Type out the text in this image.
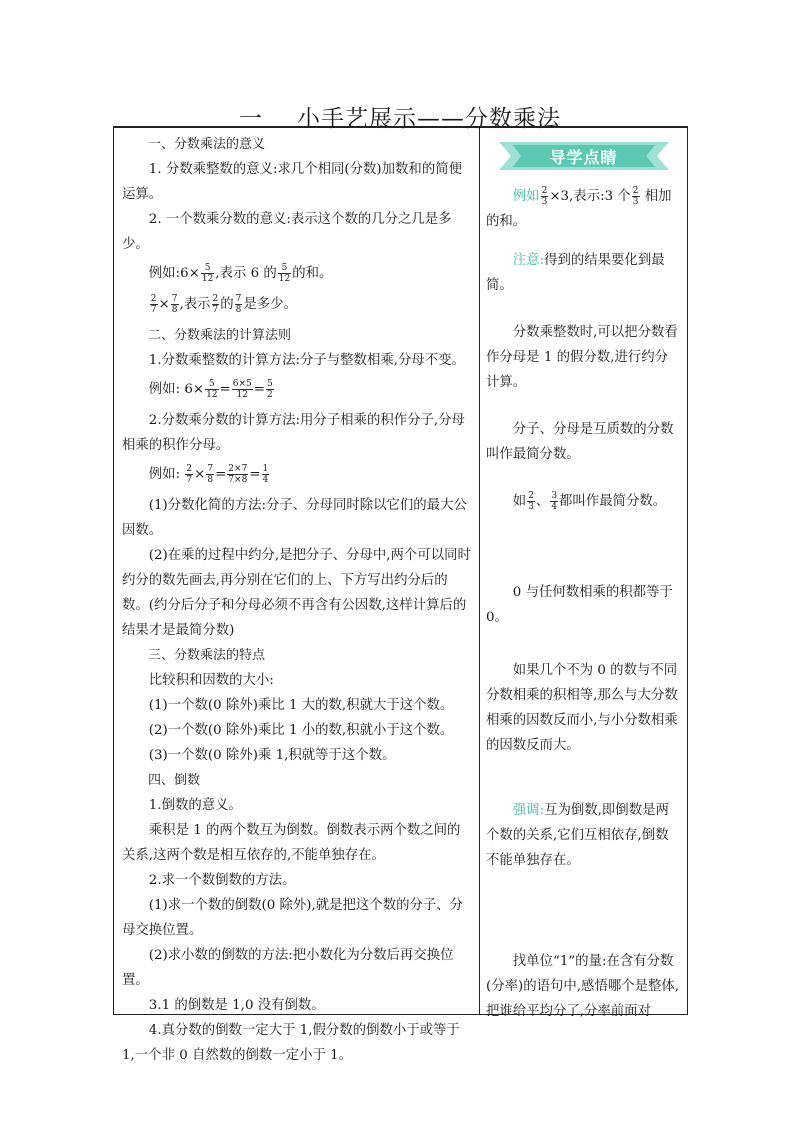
一 小手艺展示——分数乘法

一、分数乘法的意义

1. 分数乘整数的意义:求几个相同(分数)加数和的简便运算。

2. 一个数乘分数的意义:表示这个数的几分之几是多少。

例如:6× $\frac{5}{12}$ ,表示 6 的 $\frac{5}{12}$ 的和。

$\frac{2}{7} \times \frac{7}{8}$ ,表示 $\frac{2}{7}$ 的 $\frac{7}{8}$ 是多少。

二、分数乘法的计算法则

1.分数乘整数的计算方法:分子与整数相乘,分母不变。

例如: $6\times \frac{5}{12} = \frac{6\times 5}{12} = \frac{5}{2}$

2.分数乘分数的计算方法:用分子相乘的积作分子,分母相乘的积作分母。

例如: $\frac{2}{7} \times \frac{7}{8} = \frac{2\times 7}{7\times 8} = \frac{1}{4}$

(1)分数化简的方法:分子、分母同时除以它们的最大公因数。

(2)在乘的过程中约分,是把分子、分母中,两个可以同时约分的数先画去,再分别在它们的上、下方写出约分后的数。(约分后分子和分母必须不再含有公因数,这样计算后的结果才是最简分数)

三、分数乘法的特点

比较积和因数的大小:

(1)一个数(0 除外)乘比 1 大的数,积就大于这个数。

(2)一个数(0 除外)乘比 1 小的数,积就小于这个数。

(3)一个数(0 除外)乘 1,积就等于这个数。

四、倒数

1.倒数的意义。

乘积是 1 的两个数互为倒数。倒数表示两个数之间的关系,这两个数是相互依存的,不能单独存在。

2.求一个数倒数的方法。

(1)求一个数的倒数(0 除外),就是把这个数的分子、分母交换位置。

(2)求小数的倒数的方法:把小数化为分数后再交换位置。

3.1 的倒数是 1,0 没有倒数。

4.真分数的倒数一定大于 1,假分数的倒数小于或等于 1,一个非 0 自然数的倒数一定小于 1。

导学点睛

例如 $\frac{2}{3} \times 3$,表示:3 个 $\frac{2}{3}$ 相加的和。

注意:得到的结果要化到最简。

分数乘整数时,可以把分数看作分母是 1 的假分数,进行约分计算。

分子、分母是互质数的分数叫作最简分数。

如 $\frac{2}{3}$ 、 $\frac{3}{4}$ 都叫作最简分数。

0 与任何数相乘的积都等于 0。

如果几个不为 0 的数与不同分数相乘的积相等,那么与大分数相乘的因数反而小,与小分数相乘的因数反而大。

强调:互为倒数,即倒数是两个数的关系,它们互相依存,倒数不能单独存在。

找单位“1”的量:在含有分数(分率)的语句中,感悟哪个是整体,把谁给平均分了,分率前面对
